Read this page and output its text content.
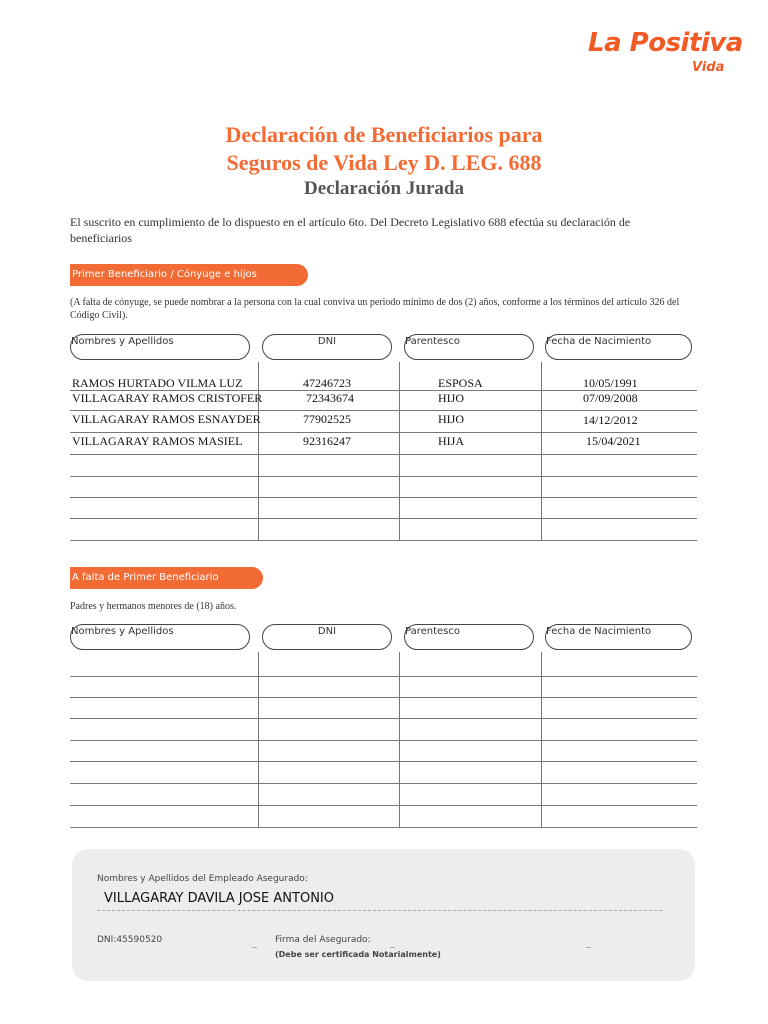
La Positiva
Vida
Declaración de Beneficiarios para
Seguros de Vida Ley D. LEG. 688
Declaración Jurada
El suscrito en cumplimiento de lo dispuesto en el artículo 6to. Del Decreto Legislativo 688 efectúa su declaración de beneficiarios
Primer Beneficiario / Cónyuge e hijos
(A falta de cónyuge, se puede nombrar a la persona con la cual conviva un periodo mínimo de dos (2) años, conforme a los términos del artículo 326 del Código Civil).
Nombres y Apellidos	DNI	Parentesco	Fecha de Nacimiento
RAMOS HURTADO VILMA LUZ	47246723	ESPOSA	10/05/1991
VILLAGARAY RAMOS CRISTOFER	72343674	HIJO	07/09/2008
VILLAGARAY RAMOS ESNAYDER	77902525	HIJO	14/12/2012
VILLAGARAY RAMOS MASIEL	92316247	HIJA	15/04/2021
A falta de Primer Beneficiario
Padres y hermanos menores de (18) años.
Nombres y Apellidos	DNI	Parentesco	Fecha de Nacimiento
Nombres y Apellidos del Empleado Asegurado:
VILLAGARAY DAVILA JOSE ANTONIO
DNI:45590520	Firma del Asegurado:
(Debe ser certificada Notarialmente)
